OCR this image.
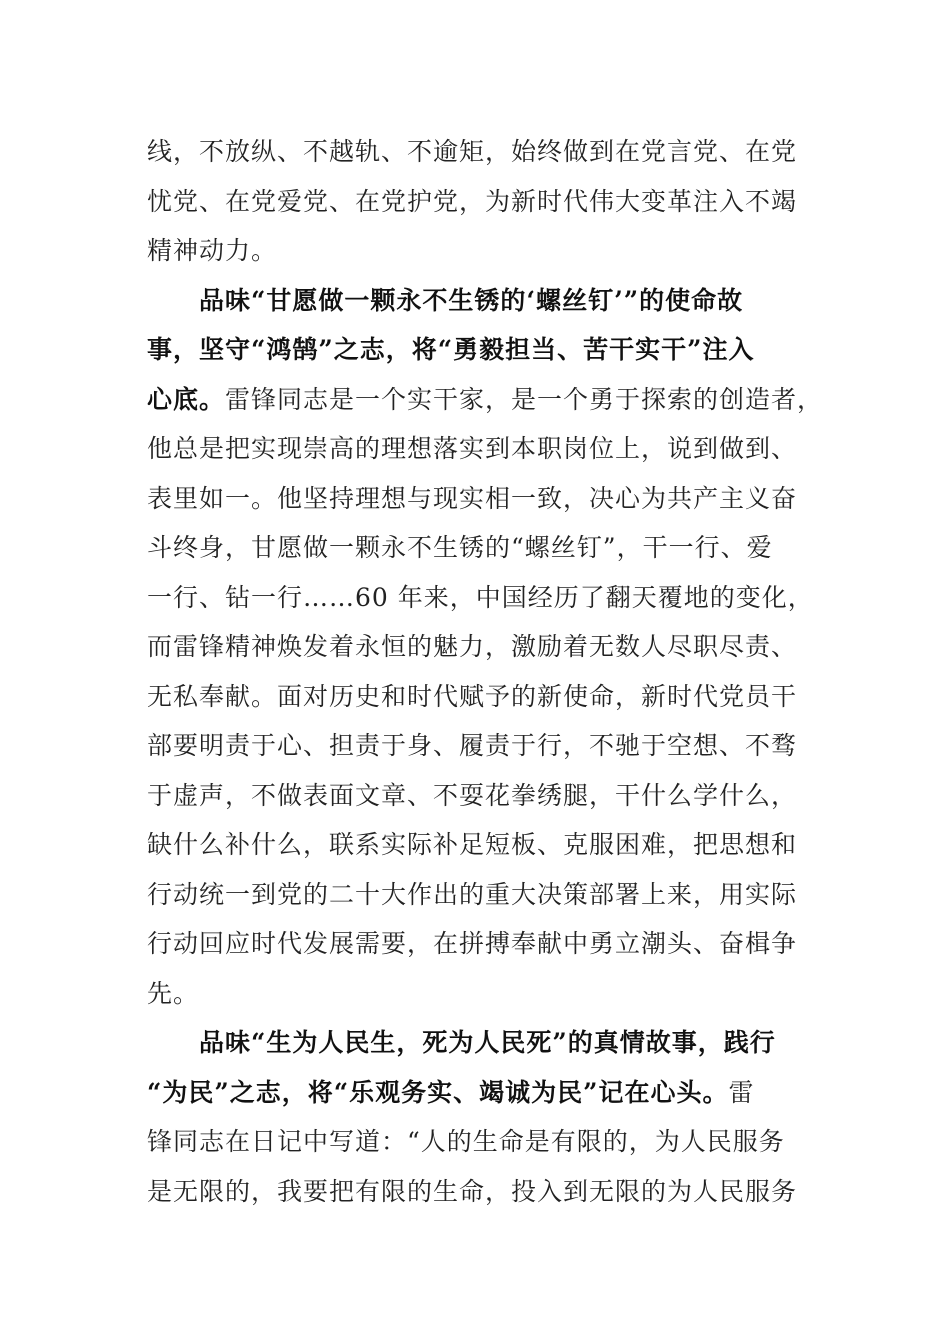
线，不放纵、不越轨、不逾矩，始终做到在党言党、在党
忧党、在党爱党、在党护党，为新时代伟大变革注入不竭
精神动力。
品味“甘愿做一颗永不生锈的‘螺丝钉’”的使命故
事，坚守“鸿鹄”之志，将“勇毅担当、苦干实干”注入
心底。雷锋同志是一个实干家，是一个勇于探索的创造者，
他总是把实现崇高的理想落实到本职岗位上，说到做到、
表里如一。他坚持理想与现实相一致，决心为共产主义奋
斗终身，甘愿做一颗永不生锈的“螺丝钉”，干一行、爱
一行、钻一行……60 年来，中国经历了翻天覆地的变化，
而雷锋精神焕发着永恒的魅力，激励着无数人尽职尽责、
无私奉献。面对历史和时代赋予的新使命，新时代党员干
部要明责于心、担责于身、履责于行，不驰于空想、不骛
于虚声，不做表面文章、不耍花拳绣腿，干什么学什么，
缺什么补什么，联系实际补足短板、克服困难，把思想和
行动统一到党的二十大作出的重大决策部署上来，用实际
行动回应时代发展需要，在拼搏奉献中勇立潮头、奋楫争
先。
品味“生为人民生，死为人民死”的真情故事，践行
“为民”之志，将“乐观务实、竭诚为民”记在心头。雷
锋同志在日记中写道：“人的生命是有限的，为人民服务
是无限的，我要把有限的生命，投入到无限的为人民服务
